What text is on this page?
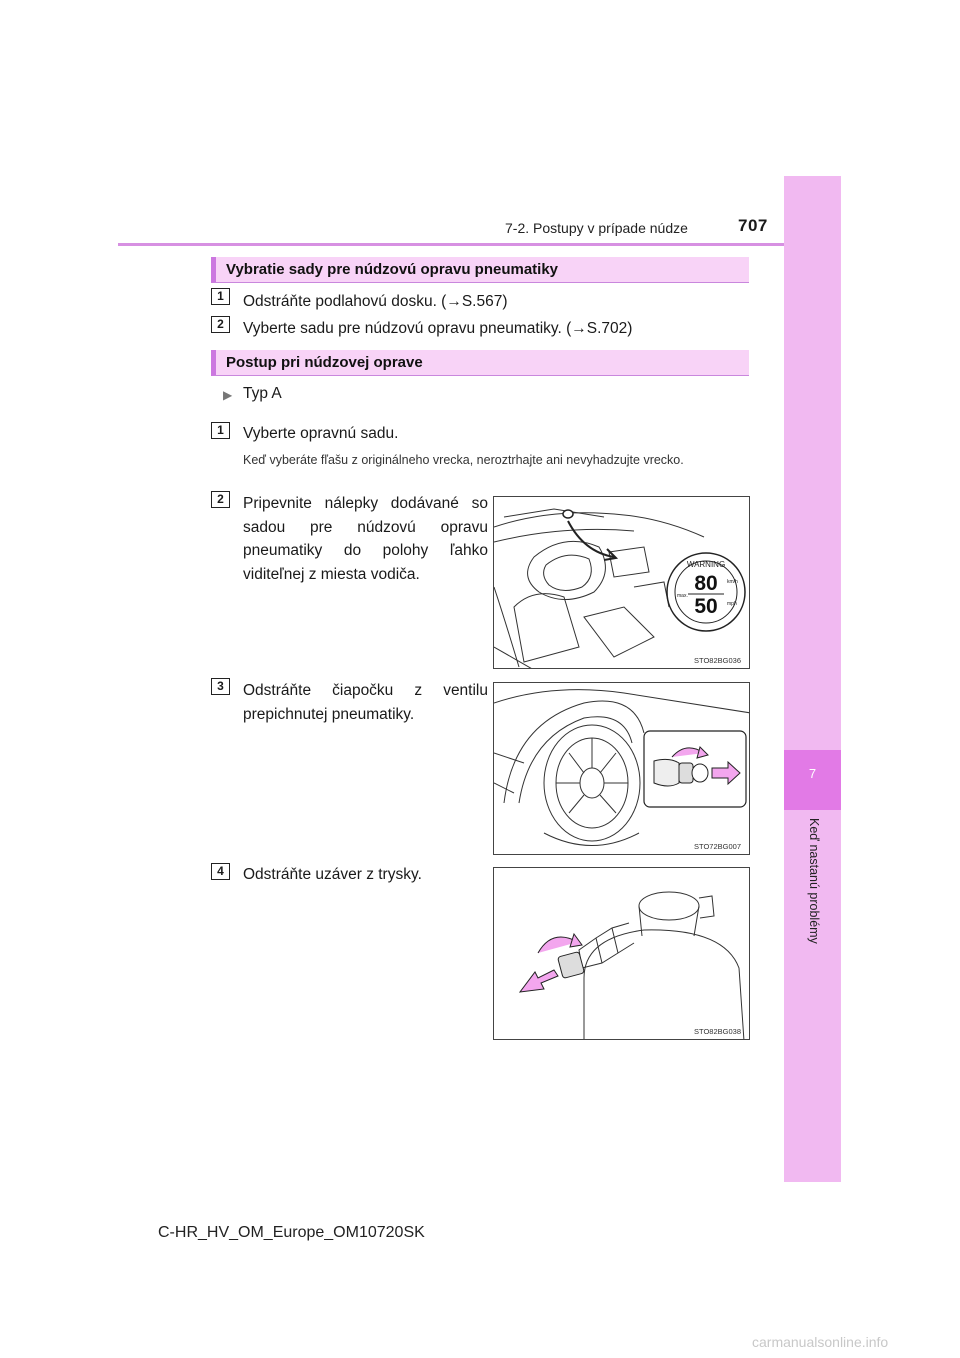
7
Keď nastanú problémy
7-2. Postupy v prípade núdze	707
Vybratie sady pre núdzovú opravu pneumatiky
1	Odstráňte podlahovú dosku. (→S.567)
2	Vyberte sadu pre núdzovú opravu pneumatiky. (→S.702)
Postup pri núdzovej oprave
▶ Typ A
1	Vyberte opravnú sadu.
Keď vyberáte fľašu z originálneho vrecka, neroztrhajte ani nevyhadzujte vrecko.
2	Pripevnite nálepky dodávané so sadou pre núdzovú opravu pneumatiky do polohy ľahko viditeľnej z miesta vodiča.
WARNING
80
50
km/h
mph
max.
STO82BG036
3	Odstráňte čiapočku z ventilu prepichnutej pneumatiky.
STO72BG007
4	Odstráňte uzáver z trysky.
STO82BG038
C-HR_HV_OM_Europe_OM10720SK
carmanualsonline.info
